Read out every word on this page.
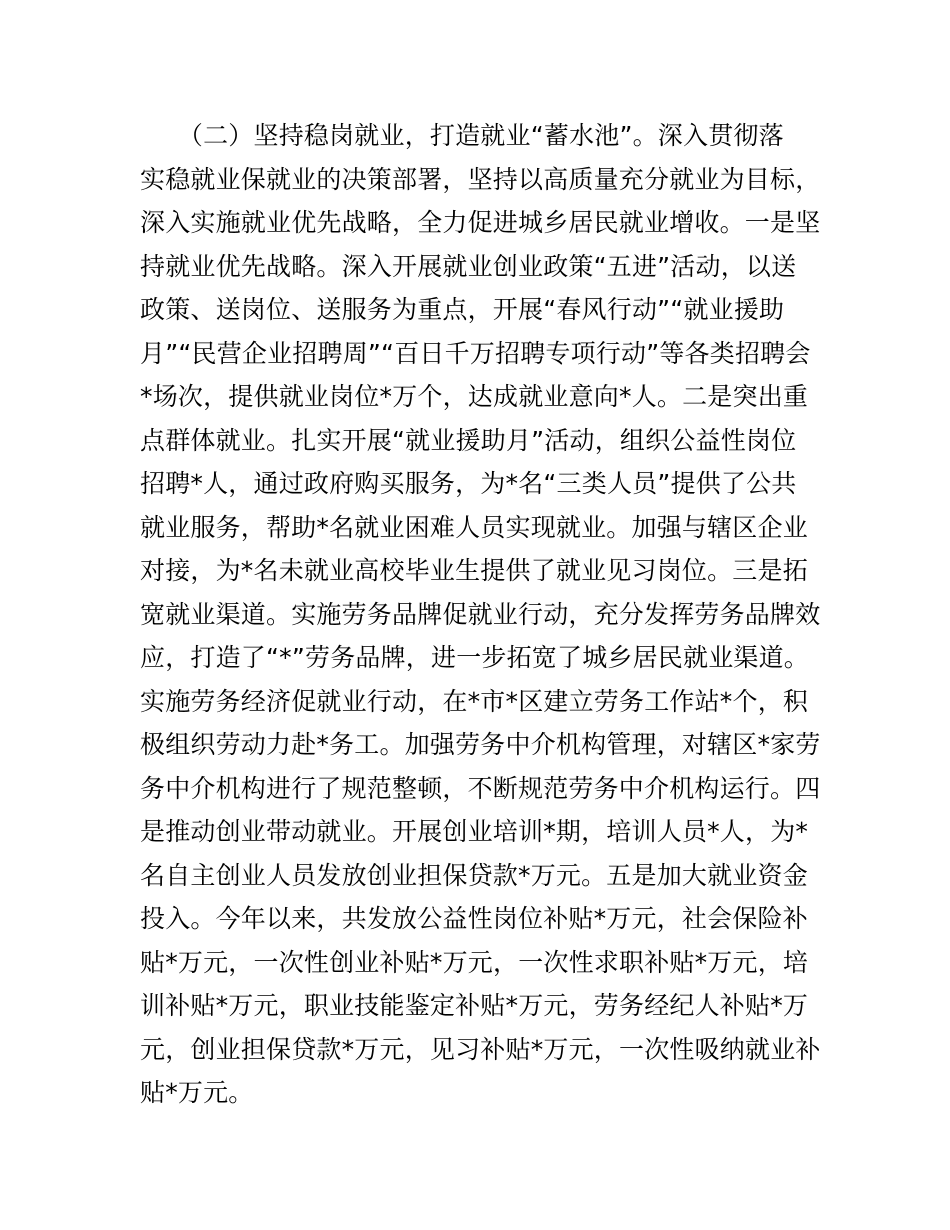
　　（二）坚持稳岗就业，打造就业“蓄水池”。深入贯彻落
实稳就业保就业的决策部署，坚持以高质量充分就业为目标，
深入实施就业优先战略，全力促进城乡居民就业增收。一是坚
持就业优先战略。深入开展就业创业政策“五进”活动，以送
政策、送岗位、送服务为重点，开展“春风行动”“就业援助
月”“民营企业招聘周”“百日千万招聘专项行动”等各类招聘会
*场次，提供就业岗位*万个，达成就业意向*人。二是突出重
点群体就业。扎实开展“就业援助月”活动，组织公益性岗位
招聘*人，通过政府购买服务，为*名“三类人员”提供了公共
就业服务，帮助*名就业困难人员实现就业。加强与辖区企业
对接，为*名未就业高校毕业生提供了就业见习岗位。三是拓
宽就业渠道。实施劳务品牌促就业行动，充分发挥劳务品牌效
应，打造了“*”劳务品牌，进一步拓宽了城乡居民就业渠道。
实施劳务经济促就业行动，在*市*区建立劳务工作站*个，积
极组织劳动力赴*务工。加强劳务中介机构管理，对辖区*家劳
务中介机构进行了规范整顿，不断规范劳务中介机构运行。四
是推动创业带动就业。开展创业培训*期，培训人员*人，为*
名自主创业人员发放创业担保贷款*万元。五是加大就业资金
投入。今年以来，共发放公益性岗位补贴*万元，社会保险补
贴*万元，一次性创业补贴*万元，一次性求职补贴*万元，培
训补贴*万元，职业技能鉴定补贴*万元，劳务经纪人补贴*万
元，创业担保贷款*万元，见习补贴*万元，一次性吸纳就业补
贴*万元。
